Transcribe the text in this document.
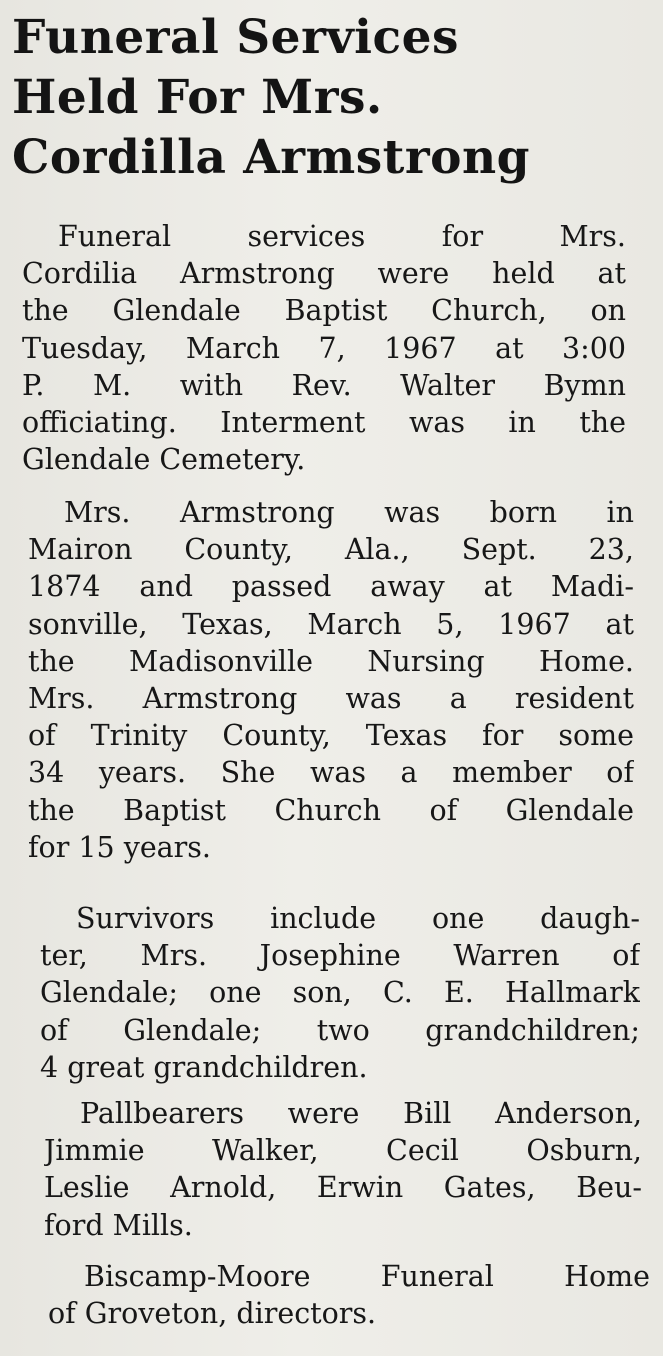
Funeral Services
Held For Mrs.
Cordilla Armstrong
Funeral services for Mrs.
Cordilia Armstrong were held at
the Glendale Baptist Church, on
Tuesday, March 7, 1967 at 3:00
P. M. with Rev. Walter Bymn
officiating. Interment was in the
Glendale Cemetery.
Mrs. Armstrong was born in
Mairon County, Ala., Sept. 23,
1874 and passed away at Madi-
sonville, Texas, March 5, 1967 at
the Madisonville Nursing Home.
Mrs. Armstrong was a resident
of Trinity County, Texas for some
34 years. She was a member of
the Baptist Church of Glendale
for 15 years.
Survivors include one daugh-
ter, Mrs. Josephine Warren of
Glendale; one son, C. E. Hallmark
of Glendale; two grandchildren;
4 great grandchildren.
Pallbearers were Bill Anderson,
Jimmie Walker, Cecil Osburn,
Leslie Arnold, Erwin Gates, Beu-
ford Mills.
Biscamp-Moore Funeral Home
of Groveton, directors.
